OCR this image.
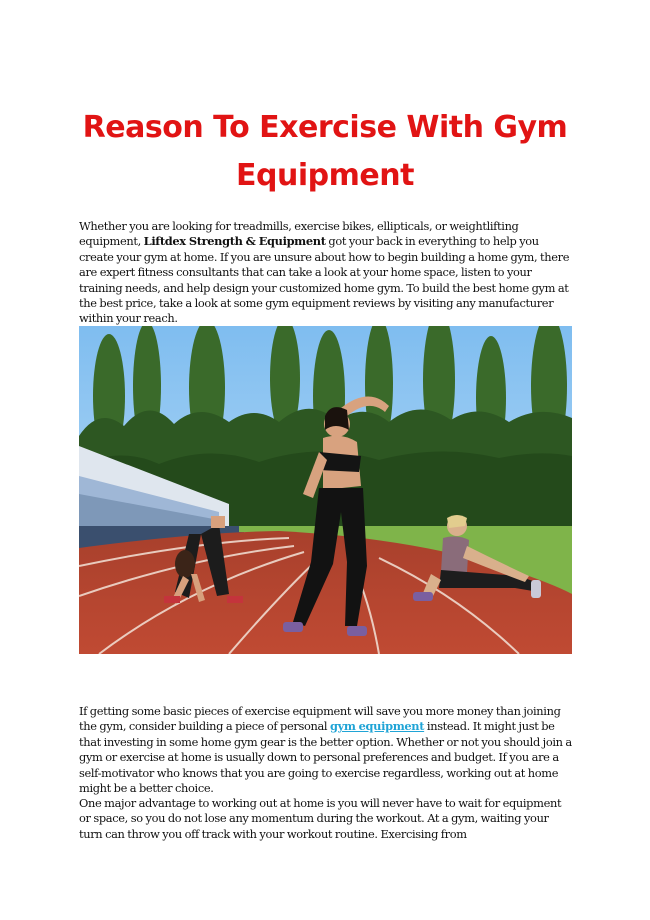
Reason To Exercise With Gym Equipment

Whether you are looking for treadmills, exercise bikes, ellipticals, or weightlifting equipment, Liftdex Strength & Equipment got your back in everything to help you create your gym at home. If you are unsure about how to begin building a home gym, there are expert fitness consultants that can take a look at your home space, listen to your training needs, and help design your customized home gym. To build the best home gym at the best price, take a look at some gym equipment reviews by visiting any manufacturer within your reach.

If getting some basic pieces of exercise equipment will save you more money than joining the gym, consider building a piece of personal gym equipment instead. It might just be that investing in some home gym gear is the better option. Whether or not you should join a gym or exercise at home is usually down to personal preferences and budget. If you are a self-motivator who knows that you are going to exercise regardless, working out at home might be a better choice.

One major advantage to working out at home is you will never have to wait for equipment or space, so you do not lose any momentum during the workout. At a gym, waiting your turn can throw you off track with your workout routine. Exercising from
